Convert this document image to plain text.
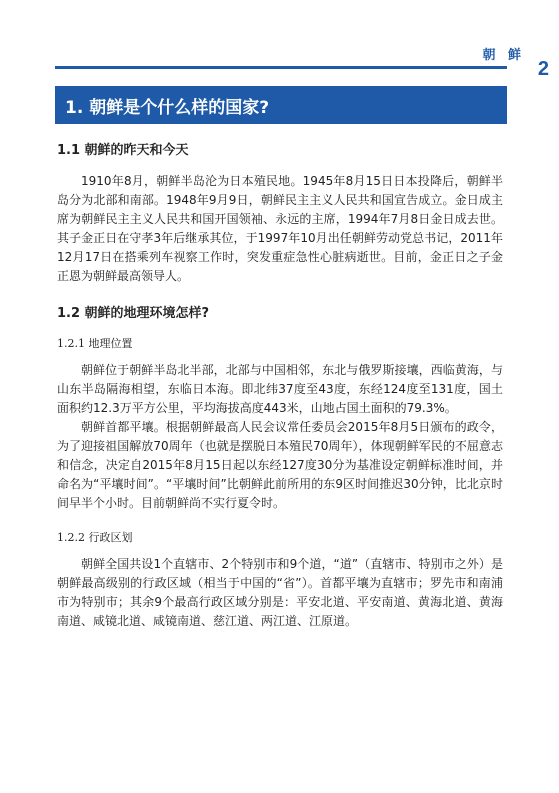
朝 鲜
2
1. 朝鲜是个什么样的国家?
1.1 朝鲜的昨天和今天

1910年8月，朝鲜半岛沦为日本殖民地。1945年8月15日日本投降后，朝鲜半岛分为北部和南部。1948年9月9日，朝鲜民主主义人民共和国宣告成立。金日成主席为朝鲜民主主义人民共和国开国领袖、永远的主席，1994年7月8日金日成去世。其子金正日在守孝3年后继承其位，于1997年10月出任朝鲜劳动党总书记，2011年12月17日在搭乘列车视察工作时，突发重症急性心脏病逝世。目前，金正日之子金正恩为朝鲜最高领导人。

1.2 朝鲜的地理环境怎样?
1.2.1 地理位置

朝鲜位于朝鲜半岛北半部，北部与中国相邻，东北与俄罗斯接壤，西临黄海，与山东半岛隔海相望，东临日本海。即北纬37度至43度，东经124度至131度，国土面积约12.3万平方公里，平均海拔高度443米，山地占国土面积的79.3%。

朝鲜首都平壤。根据朝鲜最高人民会议常任委员会2015年8月5日颁布的政令，为了迎接祖国解放70周年（也就是摆脱日本殖民70周年），体现朝鲜军民的不屈意志和信念，决定自2015年8月15日起以东经127度30分为基准设定朝鲜标准时间，并命名为“平壤时间”。“平壤时间”比朝鲜此前所用的东9区时间推迟30分钟，比北京时间早半个小时。目前朝鲜尚不实行夏令时。

1.2.2 行政区划

朝鲜全国共设1个直辖市、2个特别市和9个道，“道”（直辖市、特别市之外）是朝鲜最高级别的行政区域（相当于中国的“省”）。首都平壤为直辖市；罗先市和南浦市为特别市；其余9个最高行政区域分别是：平安北道、平安南道、黄海北道、黄海南道、咸镜北道、咸镜南道、慈江道、两江道、江原道。
